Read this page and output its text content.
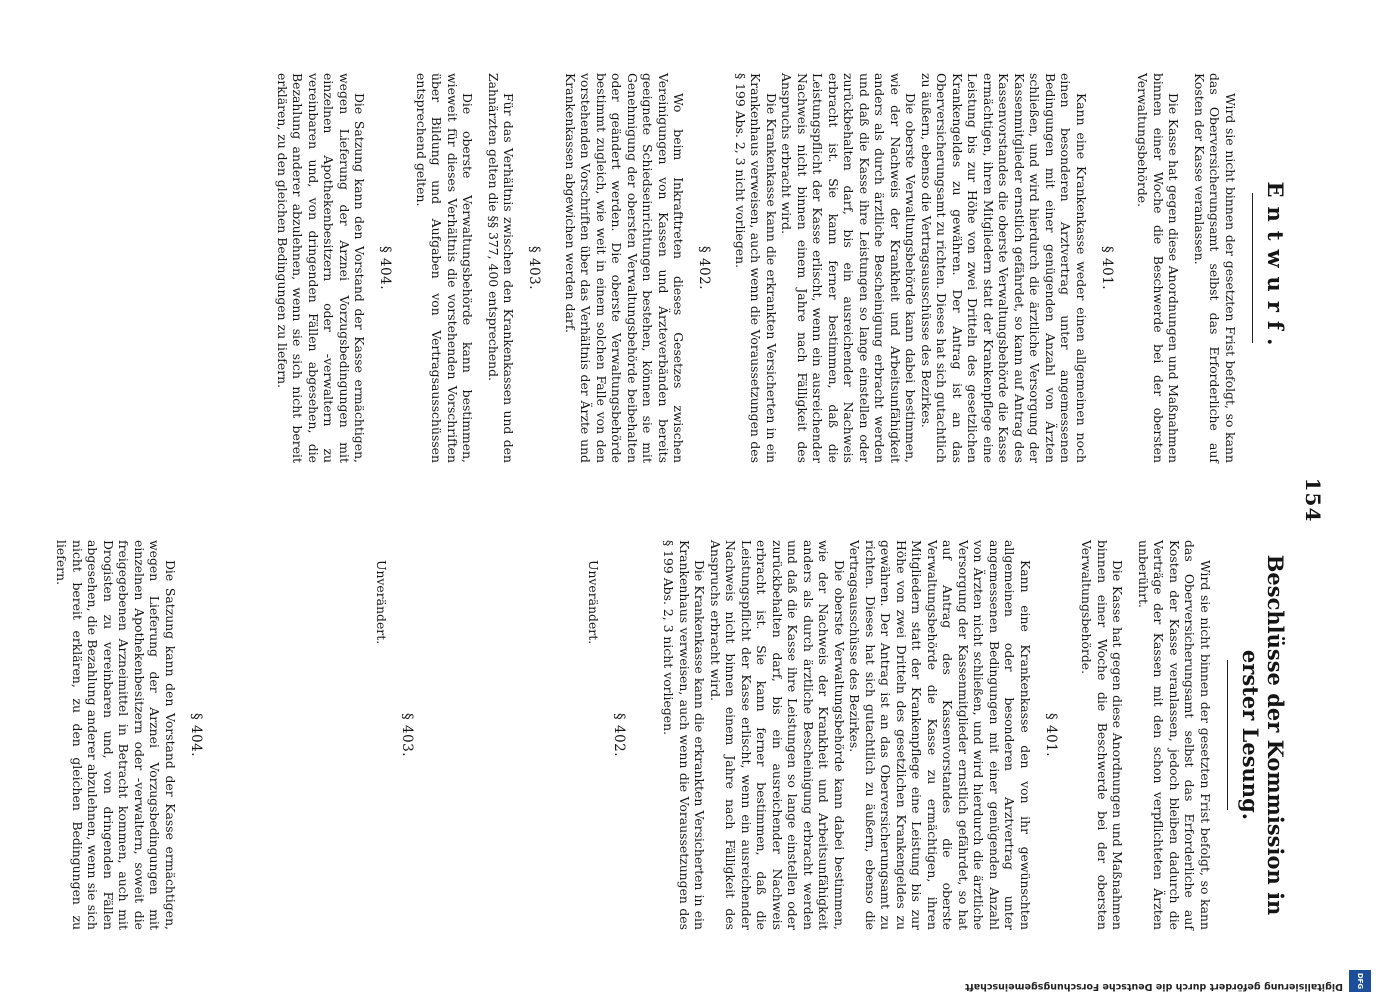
154
Entwurf.

Wird sie nicht binnen der gesetzten Frist befolgt, so kann das Oberversicherungsamt selbst das Erforderliche auf Kosten der Kasse veranlassen.

Die Kasse hat gegen diese Anordnungen und Maßnahmen binnen einer Woche die Beschwerde bei der obersten Verwaltungsbehörde.

§ 401.

Kann eine Krankenkasse weder einen allgemeinen noch einen besonderen Arztvertrag unter angemessenen Bedingungen mit einer genügenden Anzahl von Ärzten schließen, und wird hierdurch die ärztliche Versorgung der Kassenmitglieder ernstlich gefährdet, so kann auf Antrag des Kassenvorstandes die oberste Verwaltungsbehörde die Kasse ermächtigen, ihren Mitgliedern statt der Krankenpflege eine Leistung bis zur Höhe von zwei Dritteln des gesetzlichen Krankengeldes zu gewähren. Der Antrag ist an das Oberversicherungsamt zu richten. Dieses hat sich gutachtlich zu äußern, ebenso die Vertragsausschüsse des Bezirkes.

Die oberste Verwaltungsbehörde kann dabei bestimmen, wie der Nachweis der Krankheit und Arbeitsunfähigkeit anders als durch ärztliche Bescheinigung erbracht werden und daß die Kasse ihre Leistungen so lange einstellen oder zurückbehalten darf, bis ein ausreichender Nachweis erbracht ist. Sie kann ferner bestimmen, daß die Leistungspflicht der Kasse erlischt, wenn ein ausreichender Nachweis nicht binnen einem Jahre nach Fälligkeit des Anspruchs erbracht wird.

Die Krankenkasse kann die erkrankten Versicherten in ein Krankenhaus verweisen, auch wenn die Voraussetzungen des § 199 Abs. 2, 3 nicht vorliegen.

§ 402.

Wo beim Inkrafttreten dieses Gesetzes zwischen Vereinigungen von Kassen und Ärzteverbänden bereits geeignete Schiedseinrichtungen bestehen, können sie mit Genehmigung der obersten Verwaltungsbehörde beibehalten oder geändert werden. Die oberste Verwaltungsbehörde bestimmt zugleich, wie weit in einem solchen Falle von den vorstehenden Vorschriften über das Verhältnis der Ärzte und Krankenkassen abgewichen werden darf.

§ 403.

Für das Verhältnis zwischen den Krankenkassen und den Zahnärzten gelten die §§ 377, 400 entsprechend.

Die oberste Verwaltungsbehörde kann bestimmen, wieweit für dieses Verhältnis die vorstehenden Vorschriften über Bildung und Aufgaben von Vertragsausschüssen entsprechend gelten.

§ 404.

Die Satzung kann den Vorstand der Kasse ermächtigen, wegen Lieferung der Arznei Vorzugsbedingungen mit einzelnen Apothekenbesitzern oder -verwaltern zu vereinbaren und, von dringenden Fällen abgesehen, die Bezahlung anderer abzulehnen, wenn sie sich nicht bereit erklären, zu den gleichen Bedingungen zu liefern.

Beschlüsse der Kommission in erster Lesung.

Wird sie nicht binnen der gesetzten Frist befolgt, so kann das Oberversicherungsamt selbst das Erforderliche auf Kosten der Kasse veranlassen, jedoch bleiben dadurch die Verträge der Kassen mit den schon verpflichteten Ärzten unberührt.

Die Kasse hat gegen diese Anordnungen und Maßnahmen binnen einer Woche die Beschwerde bei der obersten Verwaltungsbehörde.

§ 401.

Kann eine Krankenkasse den von ihr gewünschten allgemeinen oder besonderen Arztvertrag unter angemessenen Bedingungen mit einer genügenden Anzahl von Ärzten nicht schließen, und wird hierdurch die ärztliche Versorgung der Kassenmitglieder ernstlich gefährdet, so hat auf Antrag des Kassenvorstandes die oberste Verwaltungsbehörde die Kasse zu ermächtigen, ihren Mitgliedern statt der Krankenpflege eine Leistung bis zur Höhe von zwei Dritteln des gesetzlichen Krankengeldes zu gewähren. Der Antrag ist an das Oberversicherungsamt zu richten. Dieses hat sich gutachtlich zu äußern, ebenso die Vertragsausschüsse des Bezirkes.

Die oberste Verwaltungsbehörde kann dabei bestimmen, wie der Nachweis der Krankheit und Arbeitsunfähigkeit anders als durch ärztliche Bescheinigung erbracht werden und daß die Kasse ihre Leistungen so lange einstellen oder zurückbehalten darf, bis ein ausreichender Nachweis erbracht ist. Sie kann ferner bestimmen, daß die Leistungspflicht der Kasse erlischt, wenn ein ausreichender Nachweis nicht binnen einem Jahre nach Fälligkeit des Anspruchs erbracht wird.

Die Krankenkasse kann die erkrankten Versicherten in ein Krankenhaus verweisen, auch wenn die Voraussetzungen des § 199 Abs. 2, 3 nicht vorliegen.

§ 402.

Unverändert.

§ 403.

Unverändert.

§ 404.

Die Satzung kann den Vorstand der Kasse ermächtigen, wegen Lieferung der Arznei Vorzugsbedingungen mit einzelnen Apothekenbesitzern oder -verwaltern, soweit die freigegebenen Arzneimittel in Betracht kommen, auch mit Drogisten zu vereinbaren und, von dringenden Fällen abgesehen, die Bezahlung anderer abzulehnen, wenn sie sich nicht bereit erklären, zu den gleichen Bedingungen zu liefern.

DFG
Digitalisierung gefördert durch die Deutsche Forschungsgemeinschaft
